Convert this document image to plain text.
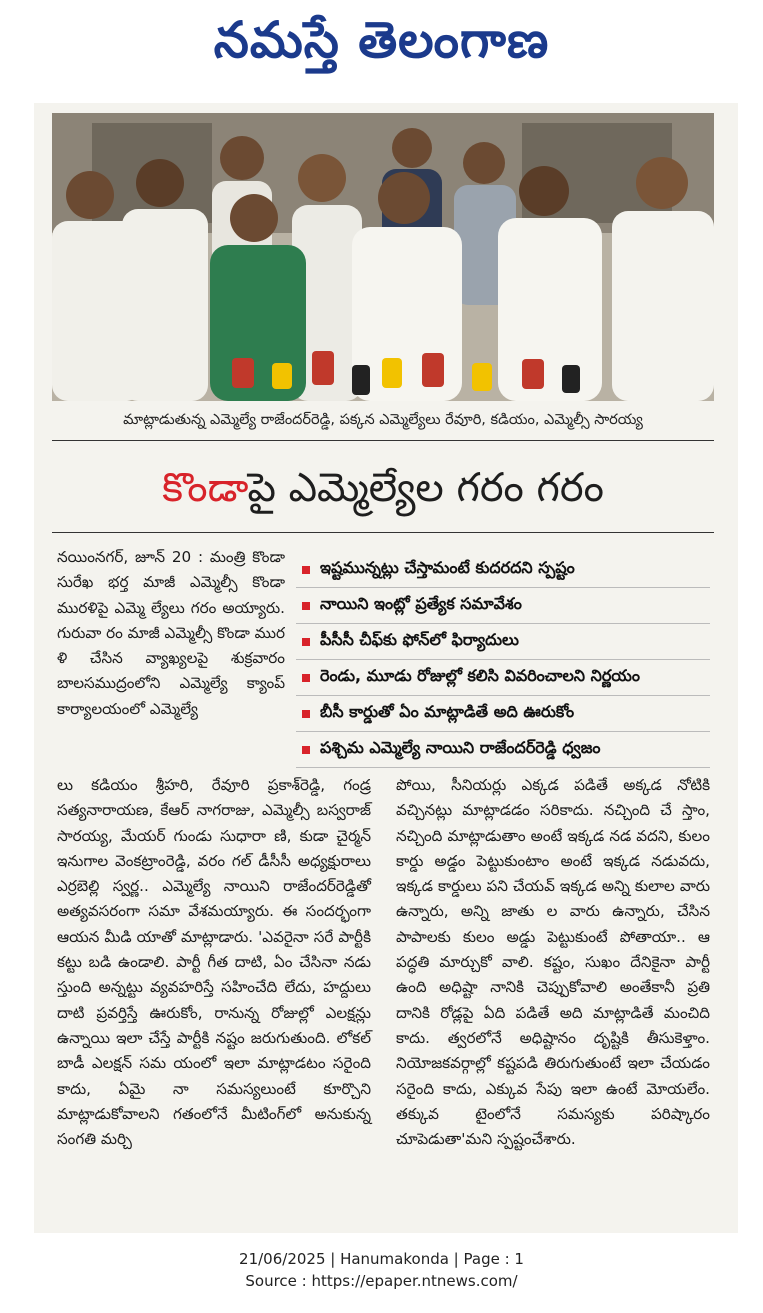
నమస్తే తెలంగాణ
మాట్లాడుతున్న ఎమ్మెల్యే రాజేందర్‌రెడ్డి, పక్కన ఎమ్మెల్యేలు రేవూరి, కడియం, ఎమ్మెల్సీ సారయ్య
కొండాపై ఎమ్మెల్యేల గరం గరం

నయింనగర్, జూన్ 20 : మంత్రి కొండా సురేఖ భర్త మాజీ ఎమ్మెల్సీ కొండా మురళిపై ఎమ్మె ల్యేలు గరం అయ్యారు. గురువా రం మాజీ ఎమ్మెల్సీ కొండా ముర ళి చేసిన వ్యాఖ్యలపై శుక్రవారం బాలసముద్రంలోని ఎమ్మెల్యే క్యాంప్ కార్యాలయంలో ఎమ్మెల్యే

ఇష్టమున్నట్లు చేస్తామంటే కుదరదని స్పష్టం
నాయిని ఇంట్లో ప్రత్యేక సమావేశం
పీసీసీ చీఫ్‌కు ఫోన్‌లో ఫిర్యాదులు
రెండు, మూడు రోజుల్లో కలిసి వివరించాలని నిర్ణయం
బీసీ కార్డుతో ఏం మాట్లాడితే అది ఊరుకోం
పశ్చిమ ఎమ్మెల్యే నాయిని రాజేందర్‌రెడ్డి ధ్వజం

లు కడియం శ్రీహరి, రేవూరి ప్రకాశ్‌రెడ్డి, గండ్ర సత్యనారాయణ, కేఆర్ నాగరాజు, ఎమ్మెల్సీ బస్వరాజ్ సారయ్య, మేయర్ గుండు సుధారా ణి, కుడా చైర్మన్ ఇనుగాల వెంకట్రాంరెడ్డి, వరం గల్ డీసీసీ అధ్యక్షురాలు ఎర్రబెల్లి స్వర్ణ.. ఎమ్మెల్యే నాయిని రాజేందర్‌రెడ్డితో అత్యవసరంగా సమా వేశమయ్యారు. ఈ సందర్భంగా ఆయన మీడి యాతో మాట్లాడారు. 'ఎవరైనా సరే పార్టీకి కట్టు బడి ఉండాలి. పార్టీ గీత దాటి, ఏం చేసినా నడు స్తుంది అన్నట్టు వ్యవహరిస్తే సహించేది లేదు, హద్దులు దాటి ప్రవర్తిస్తే ఊరుకోం, రానున్న రోజుల్లో ఎలక్షన్లు ఉన్నాయి ఇలా చేస్తే పార్టీకి నష్టం జరుగుతుంది. లోకల్ బాడీ ఎలక్షన్ సమ యంలో ఇలా మాట్లాడటం సరైంది కాదు, ఏమై నా సమస్యలుంటే కూర్చొని మాట్లాడుకోవాలని గతంలోనే మీటింగ్‌లో అనుకున్న సంగతి మర్చి

పోయి, సీనియర్లు ఎక్కడ పడితే అక్కడ నోటికి వచ్చినట్లు మాట్లాడడం సరికాదు. నచ్చింది చే స్తాం, నచ్చింది మాట్లాడుతాం అంటే ఇక్కడ నడ వదని, కులం కార్డు అడ్డం పెట్టుకుంటాం అంటే ఇక్కడ నడువదు, ఇక్కడ కార్డులు పని చేయవ్ ఇక్కడ అన్ని కులాల వారు ఉన్నారు, అన్ని జాతు ల వారు ఉన్నారు, చేసిన పాపాలకు కులం అడ్డు పెట్టుకుంటే పోతాయా.. ఆ పద్ధతి మార్చుకో వాలి. కష్టం, సుఖం దేనికైనా పార్టీ ఉంది అధిష్టా నానికి చెప్పుకోవాలి అంతేకానీ ప్రతి దానికి రోడ్లపై ఏది పడితే అది మాట్లాడితే మంచిది కాదు. త్వరలోనే అధిష్టానం దృష్టికి తీసుకెళ్తాం. నియోజకవర్గాల్లో కష్టపడి తిరుగుతుంటే ఇలా చేయడం సరైంది కాదు, ఎక్కువ సేపు ఇలా ఉంటే మోయలేం. తక్కువ టైంలోనే సమస్యకు పరిష్కారం చూపెడుతా'మని స్పష్టంచేశారు.

21/06/2025 | Hanumakonda | Page : 1
Source : https://epaper.ntnews.com/
